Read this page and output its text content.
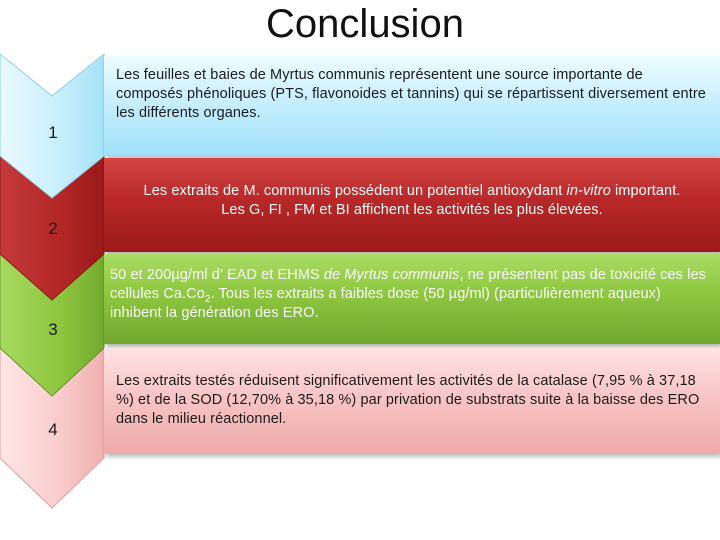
Conclusion
1
2
3
4

Les feuilles et baies de Myrtus communis représentent une source importante de composés phénoliques (PTS, flavonoides et tannins) qui se répartissent diversement entre les différents organes.

Les extraits de M. communis possédent un potentiel antioxydant in-vitro important. Les G, FI , FM et BI affichent les activités les plus élevées.

50 et 200µg/ml d’ EAD et EHMS de Myrtus communis, ne présentent pas de toxicité ces les cellules $Ca.Co_2$. Tous les extraits a faibles dose (50 µg/ml) (particulièrement aqueux) inhibent la génération des ERO.

Les extraits testés réduisent significativement les activités de la catalase (7,95 % à 37,18 %) et de la SOD (12,70% à 35,18 %) par privation de substrats suite à la baisse des ERO dans le milieu réactionnel.
